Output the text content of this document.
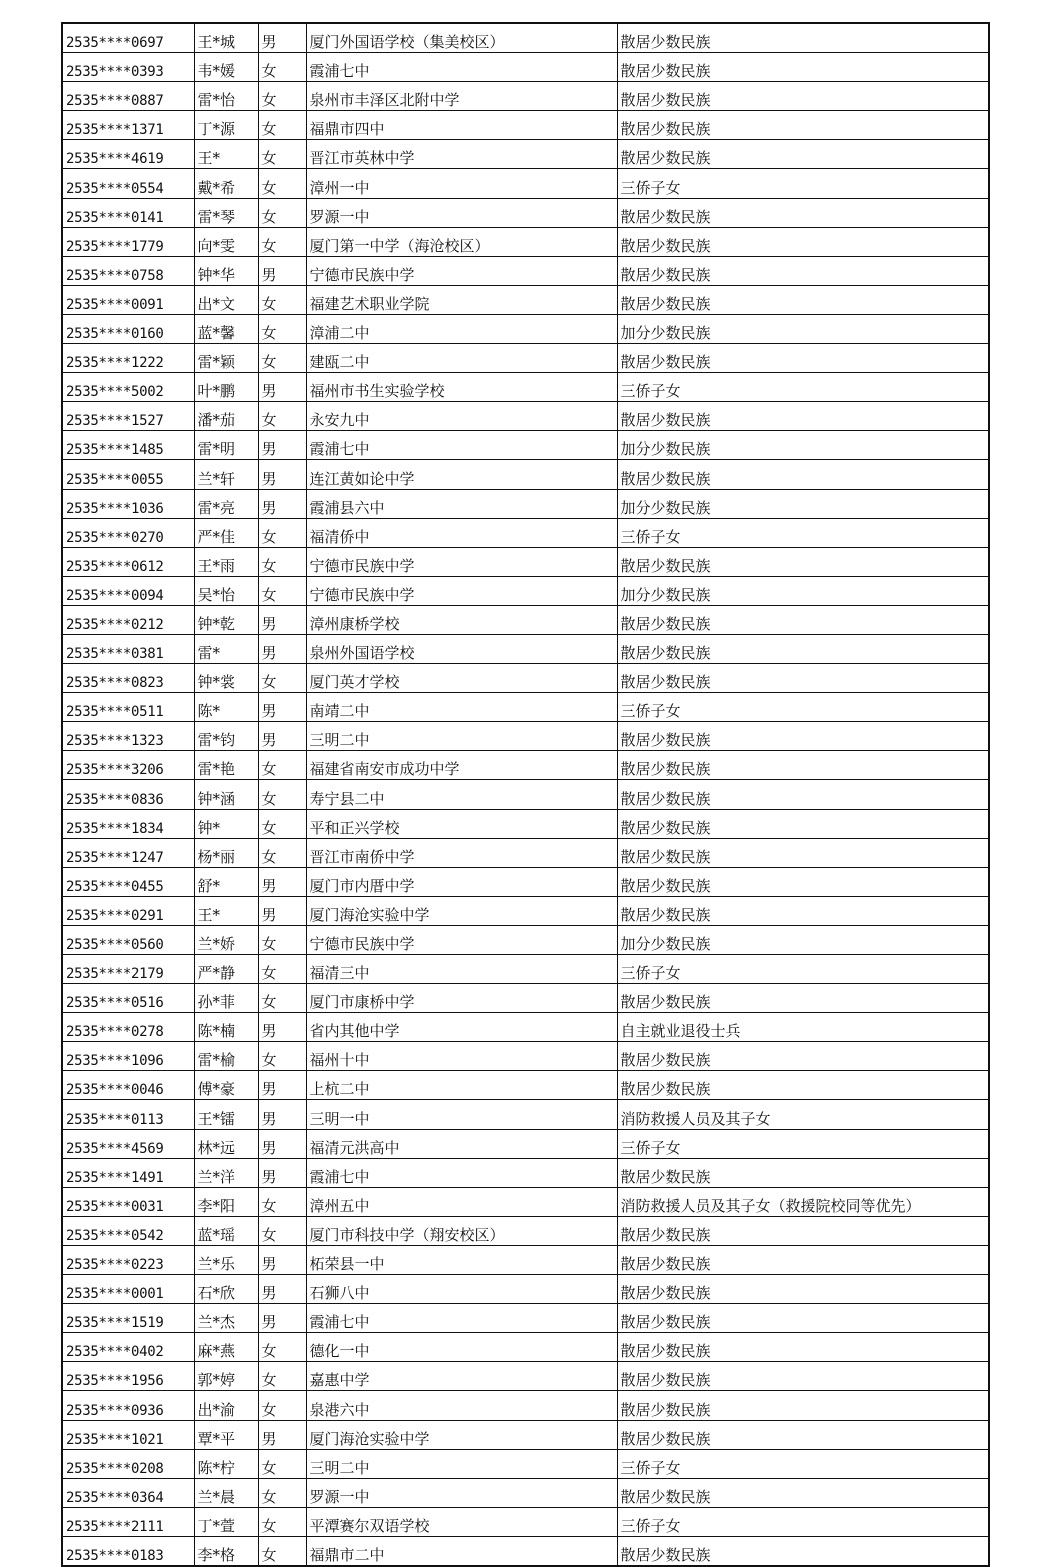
2535****0697	王*城	男	厦门外国语学校（集美校区）	散居少数民族
2535****0393	韦*媛	女	霞浦七中	散居少数民族
2535****0887	雷*怡	女	泉州市丰泽区北附中学	散居少数民族
2535****1371	丁*源	女	福鼎市四中	散居少数民族
2535****4619	王*	女	晋江市英林中学	散居少数民族
2535****0554	戴*希	女	漳州一中	三侨子女
2535****0141	雷*琴	女	罗源一中	散居少数民族
2535****1779	向*雯	女	厦门第一中学（海沧校区）	散居少数民族
2535****0758	钟*华	男	宁德市民族中学	散居少数民族
2535****0091	出*文	女	福建艺术职业学院	散居少数民族
2535****0160	蓝*馨	女	漳浦二中	加分少数民族
2535****1222	雷*颖	女	建瓯二中	散居少数民族
2535****5002	叶*鹏	男	福州市书生实验学校	三侨子女
2535****1527	潘*茄	女	永安九中	散居少数民族
2535****1485	雷*明	男	霞浦七中	加分少数民族
2535****0055	兰*轩	男	连江黄如论中学	散居少数民族
2535****1036	雷*亮	男	霞浦县六中	加分少数民族
2535****0270	严*佳	女	福清侨中	三侨子女
2535****0612	王*雨	女	宁德市民族中学	散居少数民族
2535****0094	吴*怡	女	宁德市民族中学	加分少数民族
2535****0212	钟*乾	男	漳州康桥学校	散居少数民族
2535****0381	雷*	男	泉州外国语学校	散居少数民族
2535****0823	钟*裳	女	厦门英才学校	散居少数民族
2535****0511	陈*	男	南靖二中	三侨子女
2535****1323	雷*钧	男	三明二中	散居少数民族
2535****3206	雷*艳	女	福建省南安市成功中学	散居少数民族
2535****0836	钟*涵	女	寿宁县二中	散居少数民族
2535****1834	钟*	女	平和正兴学校	散居少数民族
2535****1247	杨*丽	女	晋江市南侨中学	散居少数民族
2535****0455	舒*	男	厦门市内厝中学	散居少数民族
2535****0291	王*	男	厦门海沧实验中学	散居少数民族
2535****0560	兰*娇	女	宁德市民族中学	加分少数民族
2535****2179	严*静	女	福清三中	三侨子女
2535****0516	孙*菲	女	厦门市康桥中学	散居少数民族
2535****0278	陈*楠	男	省内其他中学	自主就业退役士兵
2535****1096	雷*榆	女	福州十中	散居少数民族
2535****0046	傅*豪	男	上杭二中	散居少数民族
2535****0113	王*镭	男	三明一中	消防救援人员及其子女
2535****4569	林*远	男	福清元洪高中	三侨子女
2535****1491	兰*洋	男	霞浦七中	散居少数民族
2535****0031	李*阳	女	漳州五中	消防救援人员及其子女（救援院校同等优先）
2535****0542	蓝*瑶	女	厦门市科技中学（翔安校区）	散居少数民族
2535****0223	兰*乐	男	柘荣县一中	散居少数民族
2535****0001	石*欣	男	石狮八中	散居少数民族
2535****1519	兰*杰	男	霞浦七中	散居少数民族
2535****0402	麻*燕	女	德化一中	散居少数民族
2535****1956	郭*婷	女	嘉惠中学	散居少数民族
2535****0936	出*渝	女	泉港六中	散居少数民族
2535****1021	覃*平	男	厦门海沧实验中学	散居少数民族
2535****0208	陈*柠	女	三明二中	三侨子女
2535****0364	兰*晨	女	罗源一中	散居少数民族
2535****2111	丁*萱	女	平潭赛尔双语学校	三侨子女
2535****0183	李*格	女	福鼎市二中	散居少数民族
